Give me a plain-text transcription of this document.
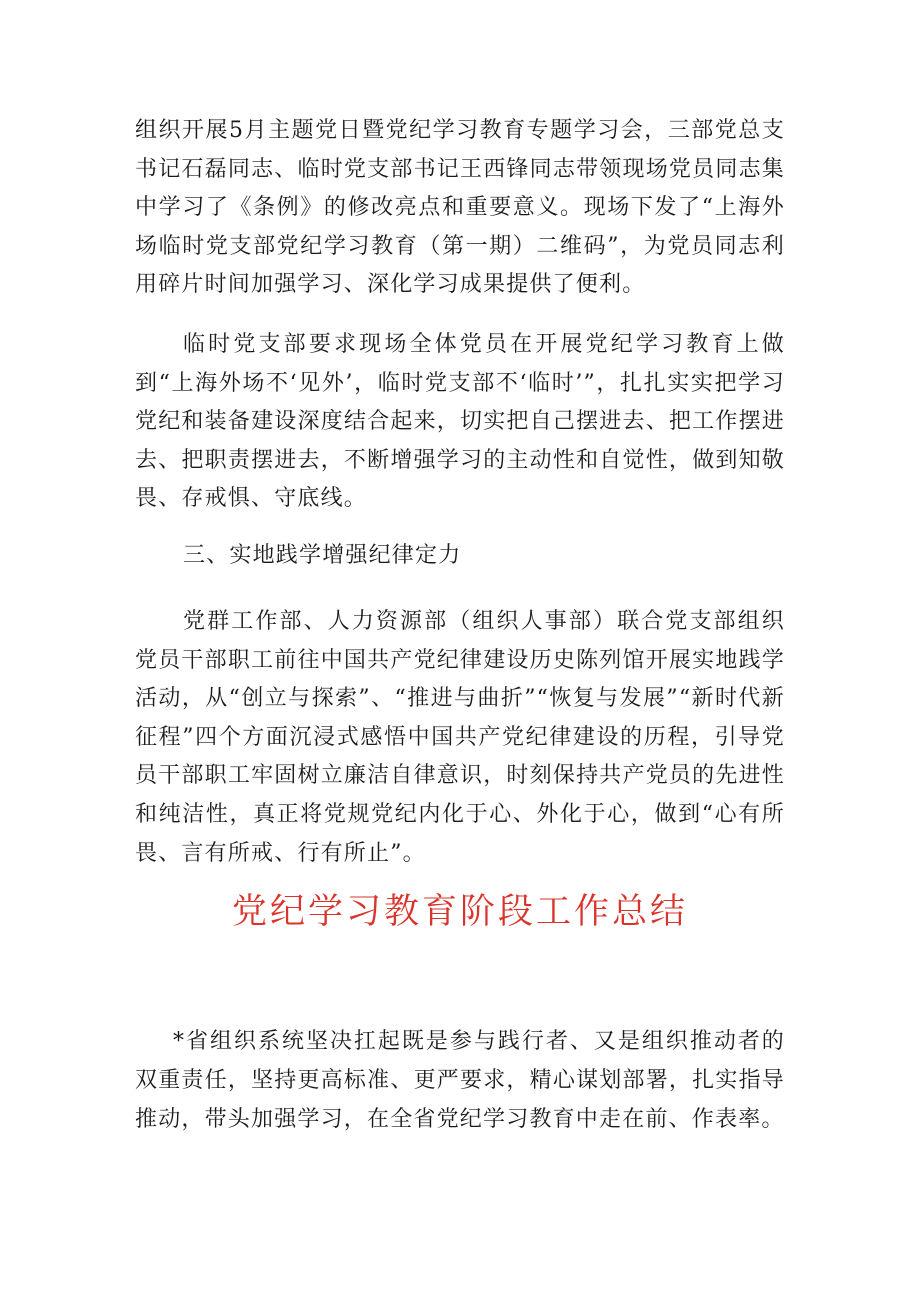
组织开展5月主题党日暨党纪学习教育专题学习会，三部党总支书记石磊同志、临时党支部书记王西锋同志带领现场党员同志集中学习了《条例》的修改亮点和重要意义。现场下发了“上海外场临时党支部党纪学习教育（第一期）二维码”，为党员同志利用碎片时间加强学习、深化学习成果提供了便利。

临时党支部要求现场全体党员在开展党纪学习教育上做到“上海外场不‘见外’，临时党支部不‘临时’”，扎扎实实把学习党纪和装备建设深度结合起来，切实把自己摆进去、把工作摆进去、把职责摆进去，不断增强学习的主动性和自觉性，做到知敬畏、存戒惧、守底线。

三、实地践学增强纪律定力

党群工作部、人力资源部（组织人事部）联合党支部组织党员干部职工前往中国共产党纪律建设历史陈列馆开展实地践学活动，从“创立与探索”、“推进与曲折”“恢复与发展”“新时代新征程”四个方面沉浸式感悟中国共产党纪律建设的历程，引导党员干部职工牢固树立廉洁自律意识，时刻保持共产党员的先进性和纯洁性，真正将党规党纪内化于心、外化于心，做到“心有所畏、言有所戒、行有所止”。

党纪学习教育阶段工作总结

*省组织系统坚决扛起既是参与践行者、又是组织推动者的双重责任，坚持更高标准、更严要求，精心谋划部署，扎实指导推动，带头加强学习，在全省党纪学习教育中走在前、作表率。
